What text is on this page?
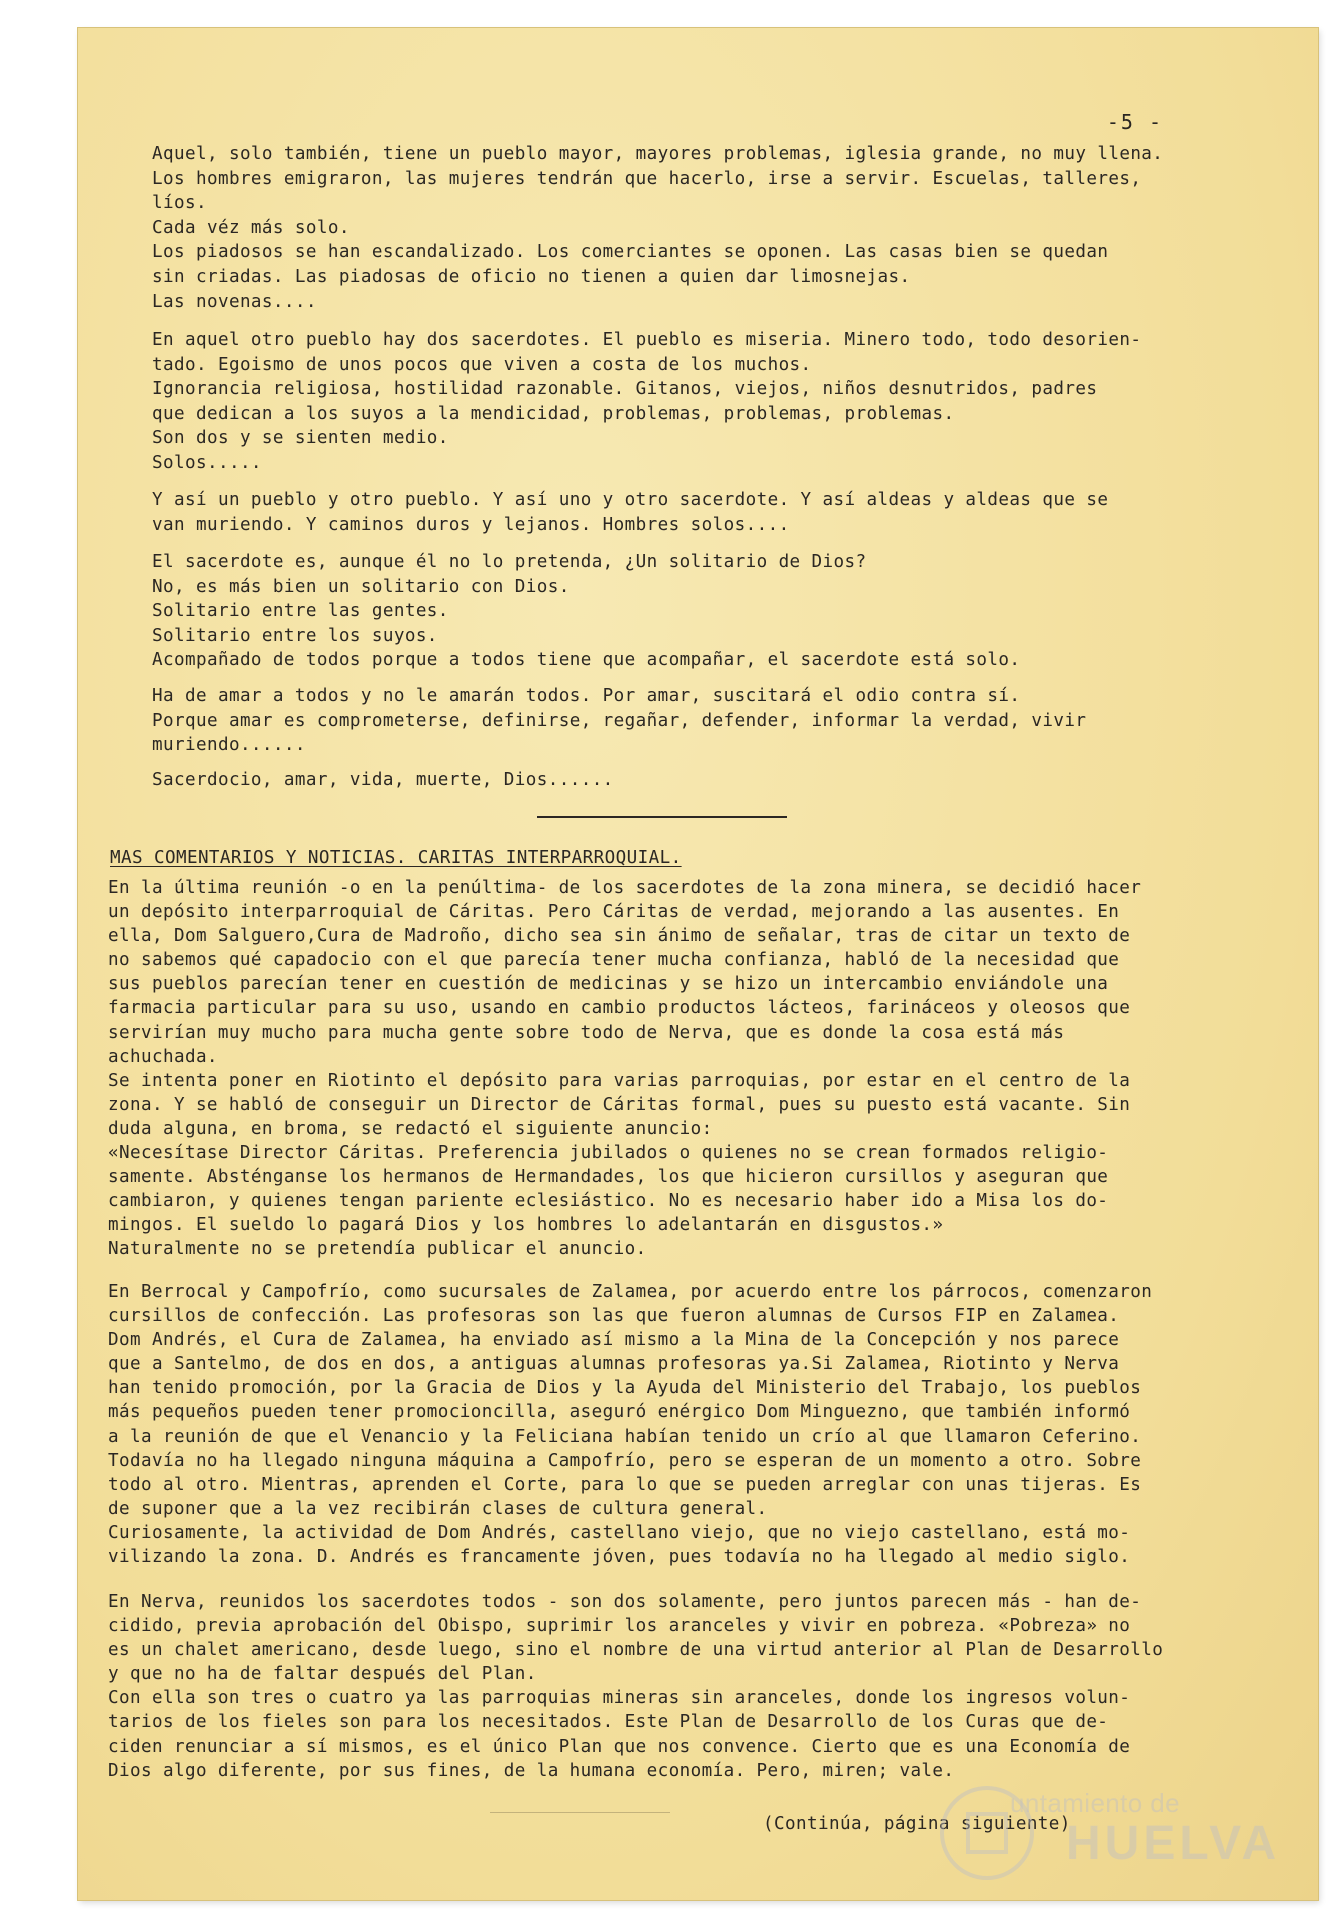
-5 -

Aquel, solo también, tiene un pueblo mayor, mayores problemas, iglesia grande, no muy llena.

Los hombres emigraron, las mujeres tendrán que hacerlo, irse a servir. Escuelas, talleres,

líos.

Cada véz más solo.

Los piadosos se han escandalizado. Los comerciantes se oponen. Las casas bien se quedan

sin criadas. Las piadosas de oficio no tienen a quien dar limosnejas.

Las novenas....

En aquel otro pueblo hay dos sacerdotes. El pueblo es miseria. Minero todo, todo desorien-

tado. Egoismo de unos pocos que viven a costa de los muchos.

Ignorancia religiosa, hostilidad razonable. Gitanos, viejos, niños desnutridos, padres

que dedican a los suyos a la mendicidad, problemas, problemas, problemas.

Son dos y se sienten medio.

Solos.....

Y así un pueblo y otro pueblo. Y así uno y otro sacerdote. Y así aldeas y aldeas que se

van muriendo. Y caminos duros y lejanos. Hombres solos....

El sacerdote es, aunque él no lo pretenda, ¿Un solitario de Dios?

No, es más bien un solitario con Dios.

Solitario entre las gentes.

Solitario entre los suyos.

Acompañado de todos porque a todos tiene que acompañar, el sacerdote está solo.

Ha de amar a todos y no le amarán todos. Por amar, suscitará el odio contra sí.

Porque amar es comprometerse, definirse, regañar, defender, informar la verdad, vivir

muriendo......

Sacerdocio, amar, vida, muerte, Dios......

MAS COMENTARIOS Y NOTICIAS. CARITAS INTERPARROQUIAL.

En la última reunión -o en la penúltima- de los sacerdotes de la zona minera, se decidió hacer

un depósito interparroquial de Cáritas. Pero Cáritas de verdad, mejorando a las ausentes. En

ella, Dom Salguero,Cura de Madroño, dicho sea sin ánimo de señalar, tras de citar un texto de

no sabemos qué capadocio con el que parecía tener mucha confianza, habló de la necesidad que

sus pueblos parecían tener en cuestión de medicinas y se hizo un intercambio enviándole una

farmacia particular para su uso, usando en cambio productos lácteos, farináceos y oleosos que

servirían muy mucho para mucha gente sobre todo de Nerva, que es donde la cosa está más

achuchada.

Se intenta poner en Riotinto el depósito para varias parroquias, por estar en el centro de la

zona. Y se habló de conseguir un Director de Cáritas formal, pues su puesto está vacante. Sin

duda alguna, en broma, se redactó el siguiente anuncio:

«Necesítase Director Cáritas. Preferencia jubilados o quienes no se crean formados religio-

samente. Absténganse los hermanos de Hermandades, los que hicieron cursillos y aseguran que

cambiaron, y quienes tengan pariente eclesiástico. No es necesario haber ido a Misa los do-

mingos. El sueldo lo pagará Dios y los hombres lo adelantarán en disgustos.»

Naturalmente no se pretendía publicar el anuncio.

En Berrocal y Campofrío, como sucursales de Zalamea, por acuerdo entre los párrocos, comenzaron

cursillos de confección. Las profesoras son las que fueron alumnas de Cursos FIP en Zalamea.

Dom Andrés, el Cura de Zalamea, ha enviado así mismo a la Mina de la Concepción y nos parece

que a Santelmo, de dos en dos, a antiguas alumnas profesoras ya.Si Zalamea, Riotinto y Nerva

han tenido promoción, por la Gracia de Dios y la Ayuda del Ministerio del Trabajo, los pueblos

más pequeños pueden tener promocioncilla, aseguró enérgico Dom Minguezno, que también informó

a la reunión de que el Venancio y la Feliciana habían tenido un crío al que llamaron Ceferino.

Todavía no ha llegado ninguna máquina a Campofrío, pero se esperan de un momento a otro. Sobre

todo al otro. Mientras, aprenden el Corte, para lo que se pueden arreglar con unas tijeras. Es

de suponer que a la vez recibirán clases de cultura general.

Curiosamente, la actividad de Dom Andrés, castellano viejo, que no viejo castellano, está mo-

vilizando la zona. D. Andrés es francamente jóven, pues todavía no ha llegado al medio siglo.

En Nerva, reunidos los sacerdotes todos - son dos solamente, pero juntos parecen más - han de-

cidido, previa aprobación del Obispo, suprimir los aranceles y vivir en pobreza. «Pobreza» no

es un chalet americano, desde luego, sino el nombre de una virtud anterior al Plan de Desarrollo

y que no ha de faltar después del Plan.

Con ella son tres o cuatro ya las parroquias mineras sin aranceles, donde los ingresos volun-

tarios de los fieles son para los necesitados. Este Plan de Desarrollo de los Curas que de-

ciden renunciar a sí mismos, es el único Plan que nos convence. Cierto que es una Economía de

Dios algo diferente, por sus fines, de la humana economía. Pero, miren; vale.

(Continúa, página siguiente)

untamiento de
HUELVA
